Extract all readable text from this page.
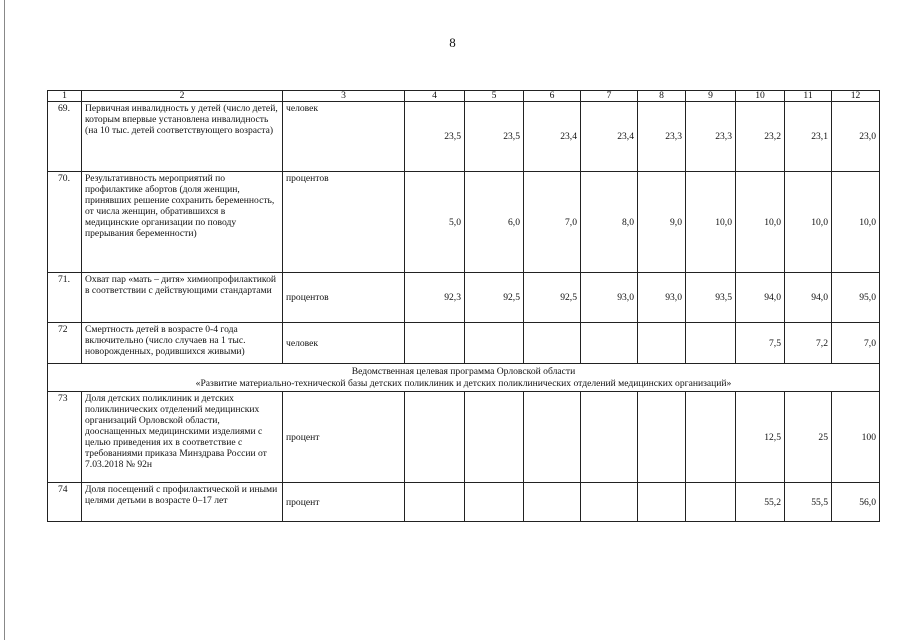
8
1	2	3	4	5	6	7	8	9	10	11	12
69.	Первичная инвалидность у детей (число детей, которым впервые установлена инвалидность (на 10 тыс. детей соответствующего возраста)	человек	23,5	23,5	23,4	23,4	23,3	23,3	23,2	23,1	23,0
70.	Результативность мероприятий по профилактике абортов (доля женщин, принявших решение сохранить беременность, от числа женщин, обратившихся в медицинские организации по поводу прерывания беременности)	процентов	5,0	6,0	7,0	8,0	9,0	10,0	10,0	10,0	10,0
71.	Охват пар «мать – дитя» химиопрофилактикой в соответствии с действующими стандартами	процентов	92,3	92,5	92,5	93,0	93,0	93,5	94,0	94,0	95,0
72	Смертность детей в возрасте 0-4 года включительно (число случаев на 1 тыс. новорожденных, родившихся живыми)	человек							7,5	7,2	7,0

Ведомственная целевая программа Орловской области
«Развитие материально-технической базы детских поликлиник и детских поликлинических отделений медицинских организаций»											

73	Доля детских поликлиник и детских поликлинических отделений медицинских организаций Орловской области, дооснащенных медицинскими изделиями с целью приведения их в соответствие с требованиями приказа Минздрава России от 7.03.2018 № 92н	процент							12,5	25	100
74	Доля посещений с профилактической и иными целями детьми в возрасте 0–17 лет	процент							55,2	55,5	56,0
